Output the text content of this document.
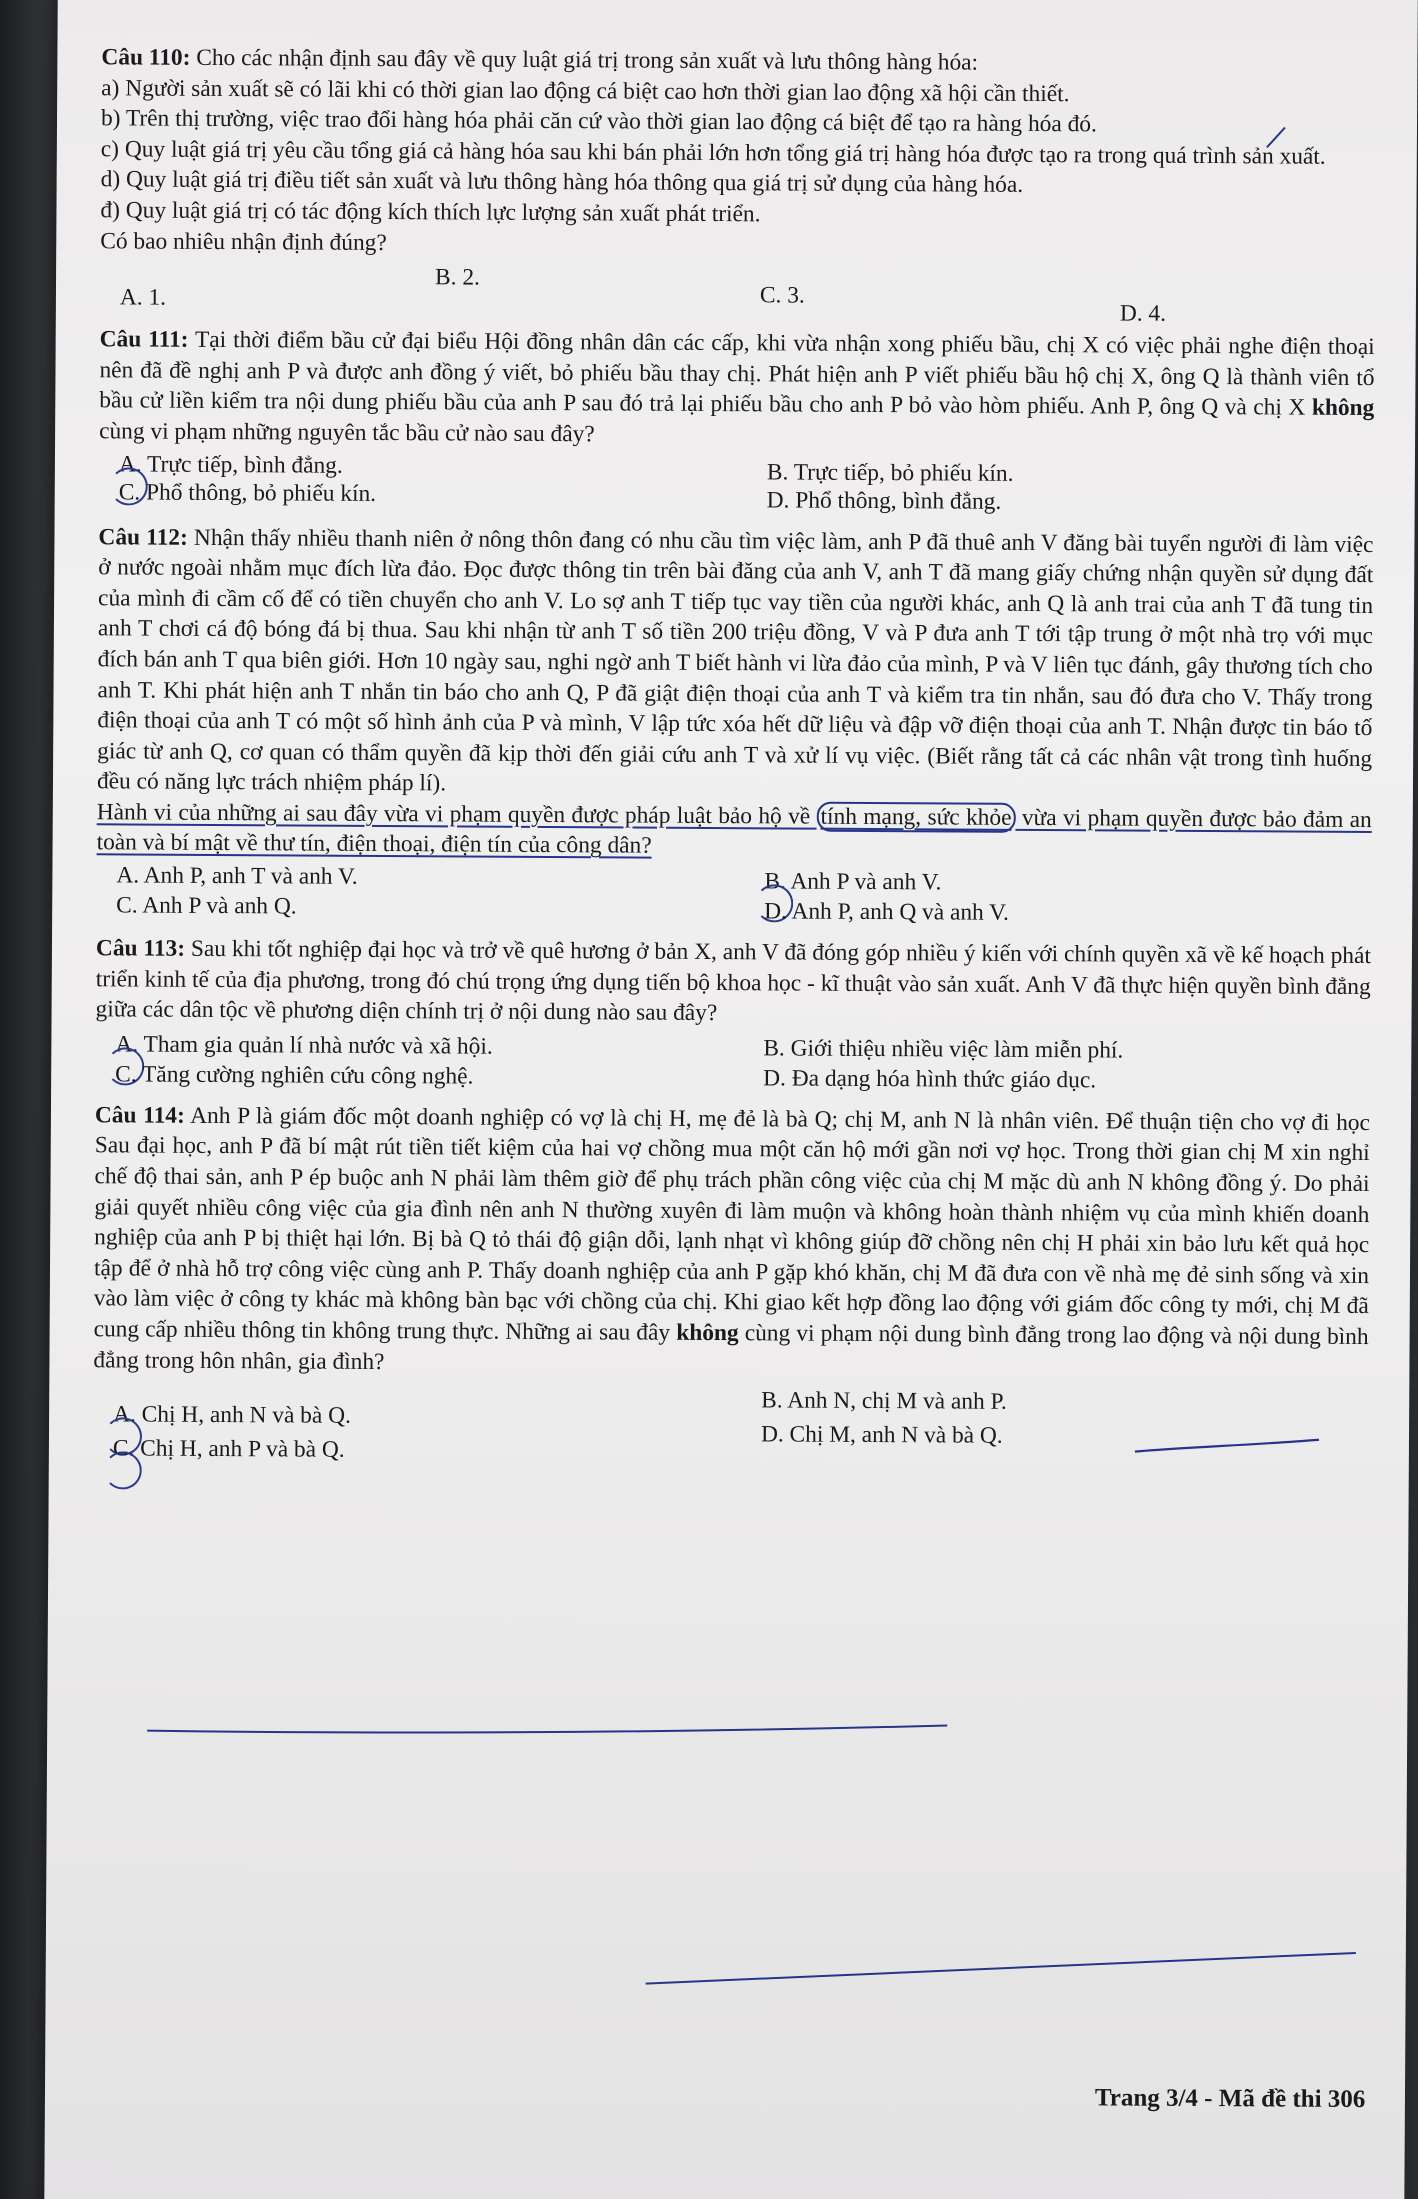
Câu 110: Cho các nhận định sau đây về quy luật giá trị trong sản xuất và lưu thông hàng hóa:

a) Người sản xuất sẽ có lãi khi có thời gian lao động cá biệt cao hơn thời gian lao động xã hội cần thiết.

b) Trên thị trường, việc trao đổi hàng hóa phải căn cứ vào thời gian lao động cá biệt để tạo ra hàng hóa đó.

c) Quy luật giá trị yêu cầu tổng giá cả hàng hóa sau khi bán phải lớn hơn tổng giá trị hàng hóa được tạo ra trong quá trình sản xuất.

d) Quy luật giá trị điều tiết sản xuất và lưu thông hàng hóa thông qua giá trị sử dụng của hàng hóa.

đ) Quy luật giá trị có tác động kích thích lực lượng sản xuất phát triển.

Có bao nhiêu nhận định đúng?

A. 1.
B. 2.
C. 3.
D. 4.

Câu 111: Tại thời điểm bầu cử đại biểu Hội đồng nhân dân các cấp, khi vừa nhận xong phiếu bầu, chị X có việc phải nghe điện thoại nên đã đề nghị anh P và được anh đồng ý viết, bỏ phiếu bầu thay chị. Phát hiện anh P viết phiếu bầu hộ chị X, ông Q là thành viên tổ bầu cử liền kiểm tra nội dung phiếu bầu của anh P sau đó trả lại phiếu bầu cho anh P bỏ vào hòm phiếu. Anh P, ông Q và chị X không cùng vi phạm những nguyên tắc bầu cử nào sau đây?

A. Trực tiếp, bình đẳng.	B. Trực tiếp, bỏ phiếu kín.
C. Phổ thông, bỏ phiếu kín.	D. Phổ thông, bình đẳng.

Câu 112: Nhận thấy nhiều thanh niên ở nông thôn đang có nhu cầu tìm việc làm, anh P đã thuê anh V đăng bài tuyển người đi làm việc ở nước ngoài nhằm mục đích lừa đảo. Đọc được thông tin trên bài đăng của anh V, anh T đã mang giấy chứng nhận quyền sử dụng đất của mình đi cầm cố để có tiền chuyển cho anh V. Lo sợ anh T tiếp tục vay tiền của người khác, anh Q là anh trai của anh T đã tung tin anh T chơi cá độ bóng đá bị thua. Sau khi nhận từ anh T số tiền 200 triệu đồng, V và P đưa anh T tới tập trung ở một nhà trọ với mục đích bán anh T qua biên giới. Hơn 10 ngày sau, nghi ngờ anh T biết hành vi lừa đảo của mình, P và V liên tục đánh, gây thương tích cho anh T. Khi phát hiện anh T nhắn tin báo cho anh Q, P đã giật điện thoại của anh T và kiểm tra tin nhắn, sau đó đưa cho V. Thấy trong điện thoại của anh T có một số hình ảnh của P và mình, V lập tức xóa hết dữ liệu và đập vỡ điện thoại của anh T. Nhận được tin báo tố giác từ anh Q, cơ quan có thẩm quyền đã kịp thời đến giải cứu anh T và xử lí vụ việc. (Biết rằng tất cả các nhân vật trong tình huống đều có năng lực trách nhiệm pháp lí).

Hành vi của những ai sau đây vừa vi phạm quyền được pháp luật bảo hộ về tính mạng, sức khỏe vừa vi phạm quyền được bảo đảm an toàn và bí mật về thư tín, điện thoại, điện tín của công dân?

A. Anh P, anh T và anh V.	B. Anh P và anh V.
C. Anh P và anh Q.	D. Anh P, anh Q và anh V.

Câu 113: Sau khi tốt nghiệp đại học và trở về quê hương ở bản X, anh V đã đóng góp nhiều ý kiến với chính quyền xã về kế hoạch phát triển kinh tế của địa phương, trong đó chú trọng ứng dụng tiến bộ khoa học - kĩ thuật vào sản xuất. Anh V đã thực hiện quyền bình đẳng giữa các dân tộc về phương diện chính trị ở nội dung nào sau đây?

A. Tham gia quản lí nhà nước và xã hội.	B. Giới thiệu nhiều việc làm miễn phí.
C. Tăng cường nghiên cứu công nghệ.	D. Đa dạng hóa hình thức giáo dục.

Câu 114: Anh P là giám đốc một doanh nghiệp có vợ là chị H, mẹ đẻ là bà Q; chị M, anh N là nhân viên. Để thuận tiện cho vợ đi học Sau đại học, anh P đã bí mật rút tiền tiết kiệm của hai vợ chồng mua một căn hộ mới gần nơi vợ học. Trong thời gian chị M xin nghỉ chế độ thai sản, anh P ép buộc anh N phải làm thêm giờ để phụ trách phần công việc của chị M mặc dù anh N không đồng ý. Do phải giải quyết nhiều công việc của gia đình nên anh N thường xuyên đi làm muộn và không hoàn thành nhiệm vụ của mình khiến doanh nghiệp của anh P bị thiệt hại lớn. Bị bà Q tỏ thái độ giận dỗi, lạnh nhạt vì không giúp đỡ chồng nên chị H phải xin bảo lưu kết quả học tập để ở nhà hỗ trợ công việc cùng anh P. Thấy doanh nghiệp của anh P gặp khó khăn, chị M đã đưa con về nhà mẹ đẻ sinh sống và xin vào làm việc ở công ty khác mà không bàn bạc với chồng của chị. Khi giao kết hợp đồng lao động với giám đốc công ty mới, chị M đã cung cấp nhiều thông tin không trung thực. Những ai sau đây không cùng vi phạm nội dung bình đẳng trong lao động và nội dung bình đẳng trong hôn nhân, gia đình?

B. Anh N, chị M và anh P.
A. Chị H, anh N và bà Q.
D. Chị M, anh N và bà Q.
C. Chị H, anh P và bà Q.
Trang 3/4 - Mã đề thi 306
